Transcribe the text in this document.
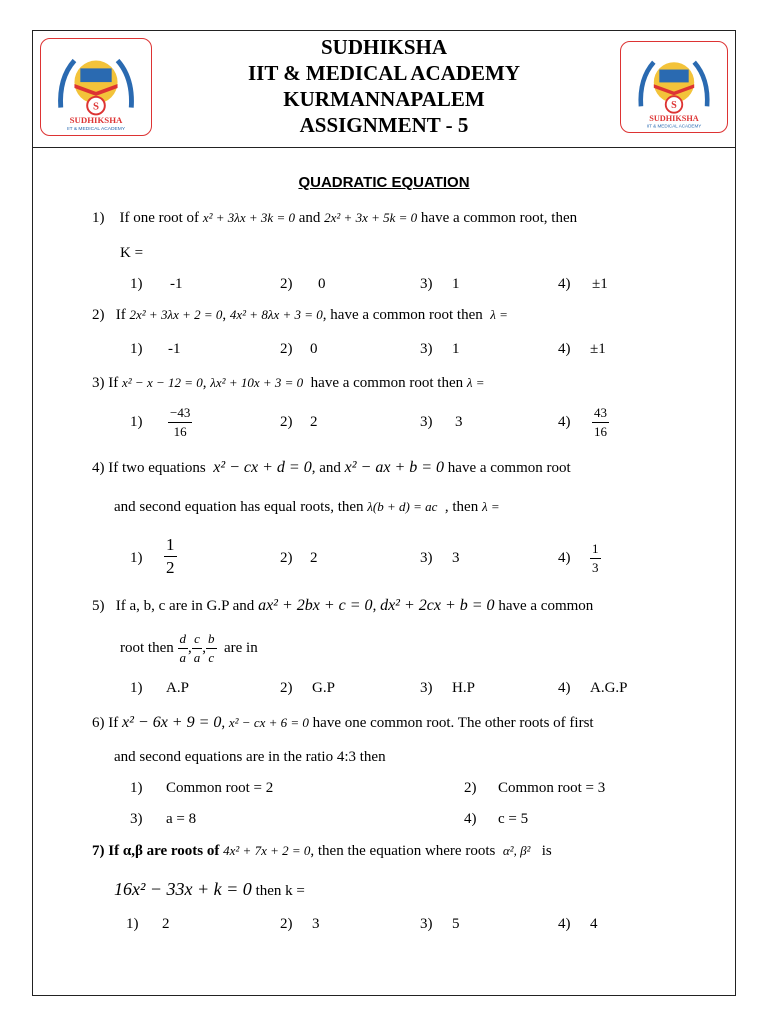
S
SUDHIKSHA
IIT & MEDICAL ACADEMY
SUDHIKSHA
IIT & MEDICAL ACADEMY
KURMANNAPALEM
ASSIGNMENT - 5
S
SUDHIKSHA
IIT & MEDICAL ACADEMY
QUADRATIC EQUATION
1) If one root of x² + 3λx + 3k = 0 and 2x² + 3x + 5k = 0 have a common root, then
K =
1) -1	2) 0	3) 1	4) ±1
2) If 2x² + 3λx + 2 = 0, 4x² + 8λx + 3 = 0, have a common root then λ =
1) -1	2) 0	3) 1	4) ±1
3) If x² − x − 12 = 0, λx² + 10x + 3 = 0 have a common root then λ =
$1) \frac{-43}{16}$	2) 2	3) 3	$4) \frac{43}{16}$
4) If two equations x² − cx + d = 0, and x² − ax + b = 0 have a common root
and second equation has equal roots, then λ(b + d) = ac , then λ =
$1) \frac{1}{2}$	2) 2	3) 3	$4) \frac{1}{3}$
5) If a, b, c are in G.P and ax² + 2bx + c = 0, dx² + 2cx + b = 0 have a common
root then $\frac{d}{a}$ , $\frac{c}{a}$ , $\frac{b}{c}$ are in
1) A.P	2) G.P	3) H.P	4) A.G.P
6) If x² − 6x + 9 = 0, x² − cx + 6 = 0 have one common root. The other roots of first
and second equations are in the ratio 4:3 then
1) Common root = 2	2) Common root = 3
3) a = 8	4) c = 5
7) If α,β are roots of 4x² + 7x + 2 = 0, then the equation where roots α², β² is
16x² − 33x + k = 0 then k =
1) 2	2) 3	3) 5	4) 4
